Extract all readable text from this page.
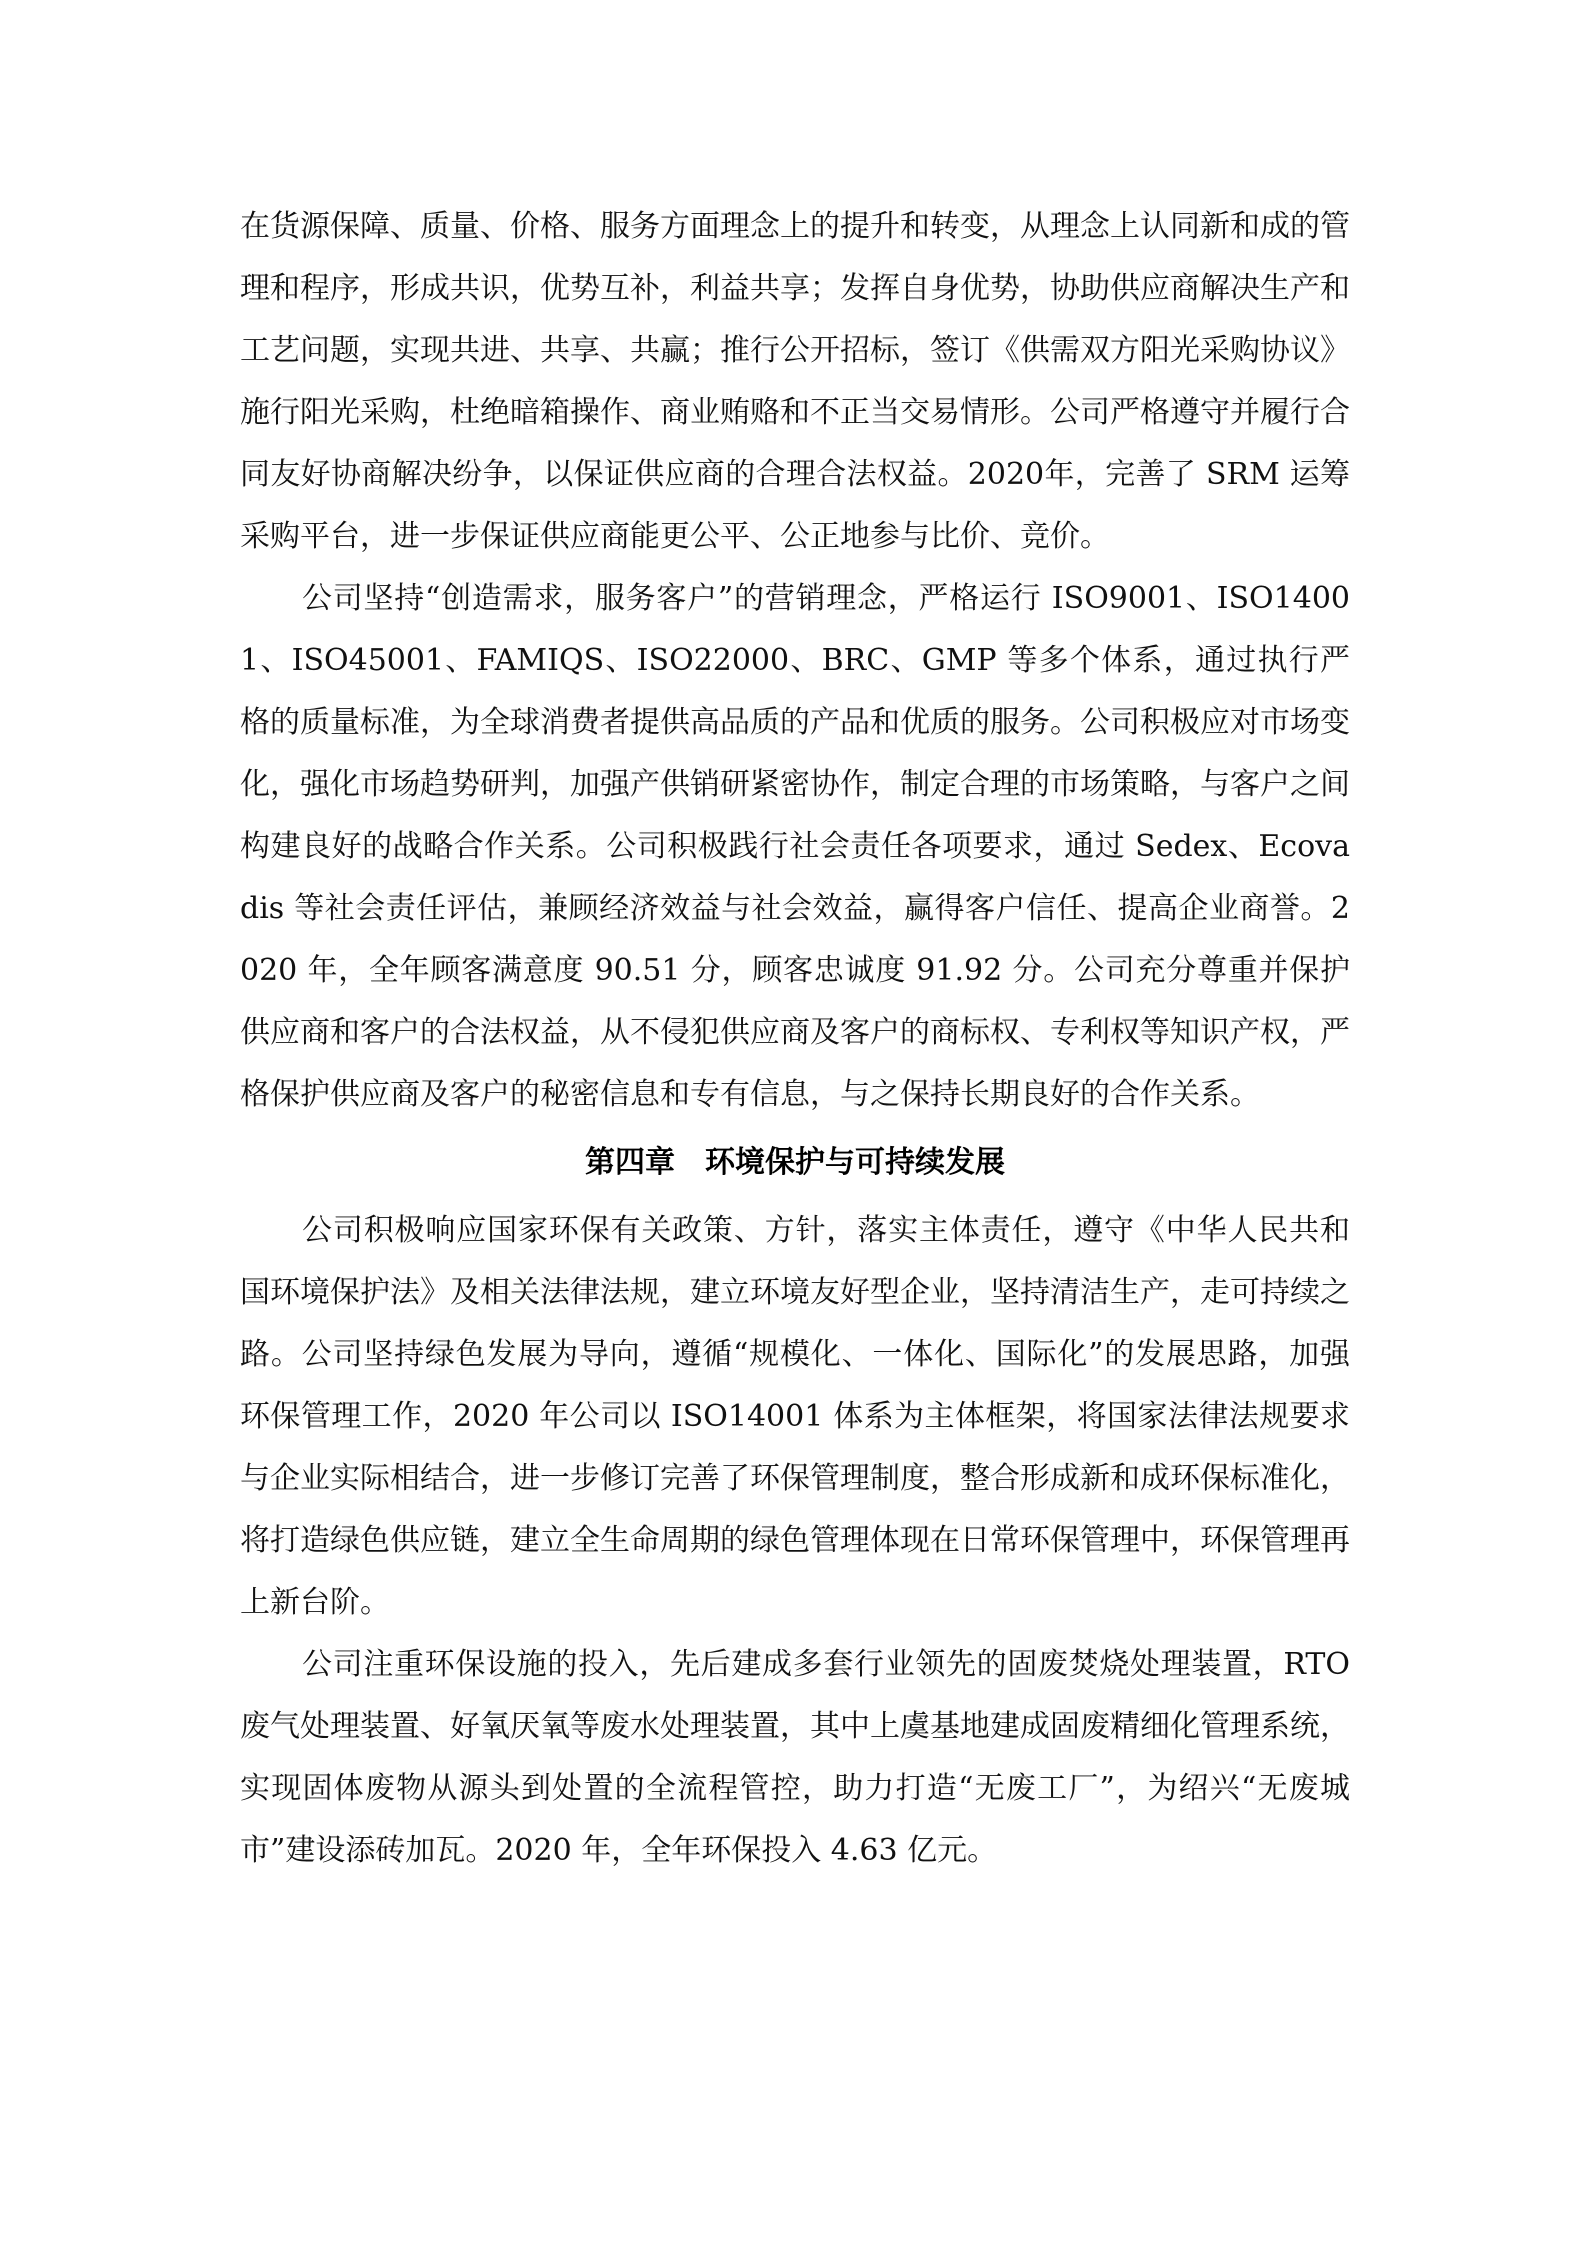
在货源保障、质量、价格、服务方面理念上的提升和转变，从理念上认同新和成的管理和程序，形成共识，优势互补，利益共享；发挥自身优势，协助供应商解决生产和工艺问题，实现共进、共享、共赢；推行公开招标，签订《供需双方阳光采购协议》施行阳光采购，杜绝暗箱操作、商业贿赂和不正当交易情形。公司严格遵守并履行合同友好协商解决纷争，以保证供应商的合理合法权益。2020年，完善了 SRM 运筹采购平台，进一步保证供应商能更公平、公正地参与比价、竞价。

公司坚持“创造需求，服务客户”的营销理念，严格运行 ISO9001、ISO14001、ISO45001、FAMIQS、ISO22000、BRC、GMP 等多个体系，通过执行严格的质量标准，为全球消费者提供高品质的产品和优质的服务。公司积极应对市场变化，强化市场趋势研判，加强产供销研紧密协作，制定合理的市场策略，与客户之间构建良好的战略合作关系。公司积极践行社会责任各项要求，通过 Sedex、Ecovadis 等社会责任评估，兼顾经济效益与社会效益，赢得客户信任、提高企业商誉。2020 年，全年顾客满意度 90.51 分，顾客忠诚度 91.92 分。公司充分尊重并保护供应商和客户的合法权益，从不侵犯供应商及客户的商标权、专利权等知识产权，严格保护供应商及客户的秘密信息和专有信息，与之保持长期良好的合作关系。

第四章　环境保护与可持续发展

公司积极响应国家环保有关政策、方针，落实主体责任，遵守《中华人民共和国环境保护法》及相关法律法规，建立环境友好型企业，坚持清洁生产，走可持续之路。公司坚持绿色发展为导向，遵循“规模化、一体化、国际化”的发展思路，加强环保管理工作，2020 年公司以 ISO14001 体系为主体框架，将国家法律法规要求与企业实际相结合，进一步修订完善了环保管理制度，整合形成新和成环保标准化，将打造绿色供应链，建立全生命周期的绿色管理体现在日常环保管理中，环保管理再上新台阶。

公司注重环保设施的投入，先后建成多套行业领先的固废焚烧处理装置，RTO 废气处理装置、好氧厌氧等废水处理装置，其中上虞基地建成固废精细化管理系统，实现固体废物从源头到处置的全流程管控，助力打造“无废工厂”，为绍兴“无废城市”建设添砖加瓦。2020 年，全年环保投入 4.63 亿元。
